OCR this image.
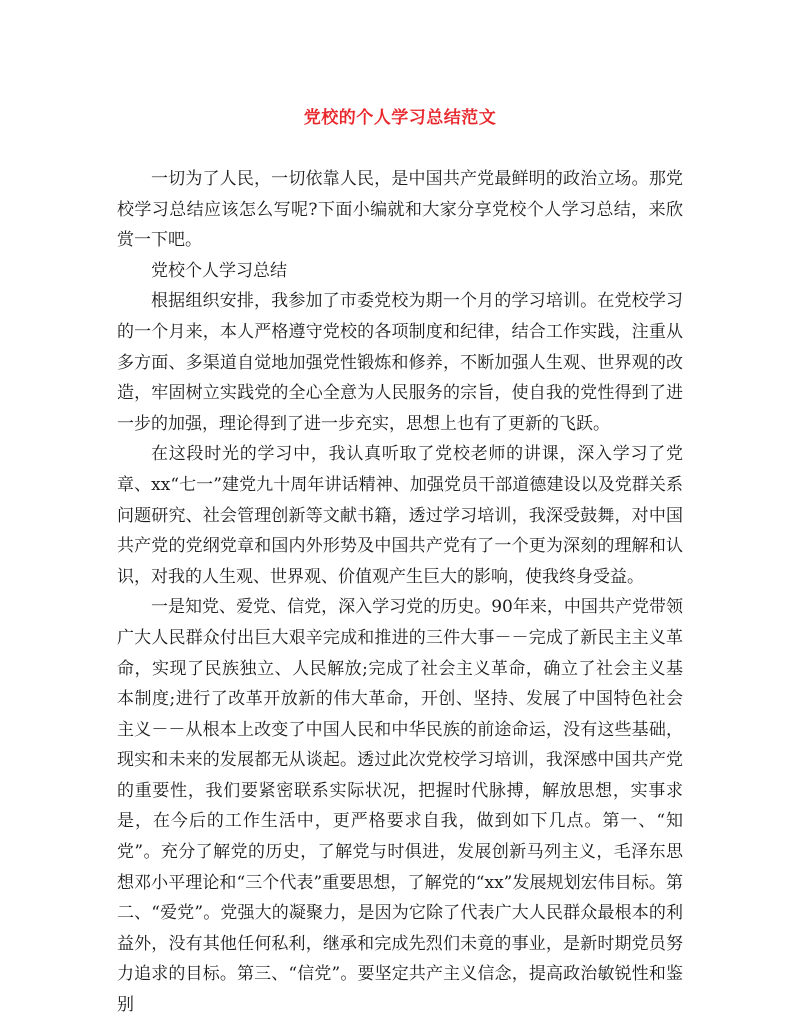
党校的个人学习总结范文

一切为了人民，一切依靠人民，是中国共产党最鲜明的政治立场。那党校学习总结应该怎么写呢?下面小编就和大家分享党校个人学习总结，来欣赏一下吧。

党校个人学习总结

根据组织安排，我参加了市委党校为期一个月的学习培训。在党校学习的一个月来，本人严格遵守党校的各项制度和纪律，结合工作实践，注重从多方面、多渠道自觉地加强党性锻炼和修养，不断加强人生观、世界观的改造，牢固树立实践党的全心全意为人民服务的宗旨，使自我的党性得到了进一步的加强，理论得到了进一步充实，思想上也有了更新的飞跃。

在这段时光的学习中，我认真听取了党校老师的讲课，深入学习了党章、xx“七一”建党九十周年讲话精神、加强党员干部道德建设以及党群关系问题研究、社会管理创新等文献书籍，透过学习培训，我深受鼓舞，对中国共产党的党纲党章和国内外形势及中国共产党有了一个更为深刻的理解和认识，对我的人生观、世界观、价值观产生巨大的影响，使我终身受益。

一是知党、爱党、信党，深入学习党的历史。90年来，中国共产党带领广大人民群众付出巨大艰辛完成和推进的三件大事－－完成了新民主主义革命，实现了民族独立、人民解放;完成了社会主义革命，确立了社会主义基本制度;进行了改革开放新的伟大革命，开创、坚持、发展了中国特色社会主义－－从根本上改变了中国人民和中华民族的前途命运，没有这些基础，现实和未来的发展都无从谈起。透过此次党校学习培训，我深感中国共产党的重要性，我们要紧密联系实际状况，把握时代脉搏，解放思想，实事求是，在今后的工作生活中，更严格要求自我，做到如下几点。第一、“知党”。充分了解党的历史，了解党与时俱进，发展创新马列主义，毛泽东思想邓小平理论和“三个代表”重要思想，了解党的“xx”发展规划宏伟目标。第二、“爱党”。党强大的凝聚力，是因为它除了代表广大人民群众最根本的利益外，没有其他任何私利，继承和完成先烈们未竟的事业，是新时期党员努力追求的目标。第三、“信党”。要坚定共产主义信念，提高政治敏锐性和鉴别
